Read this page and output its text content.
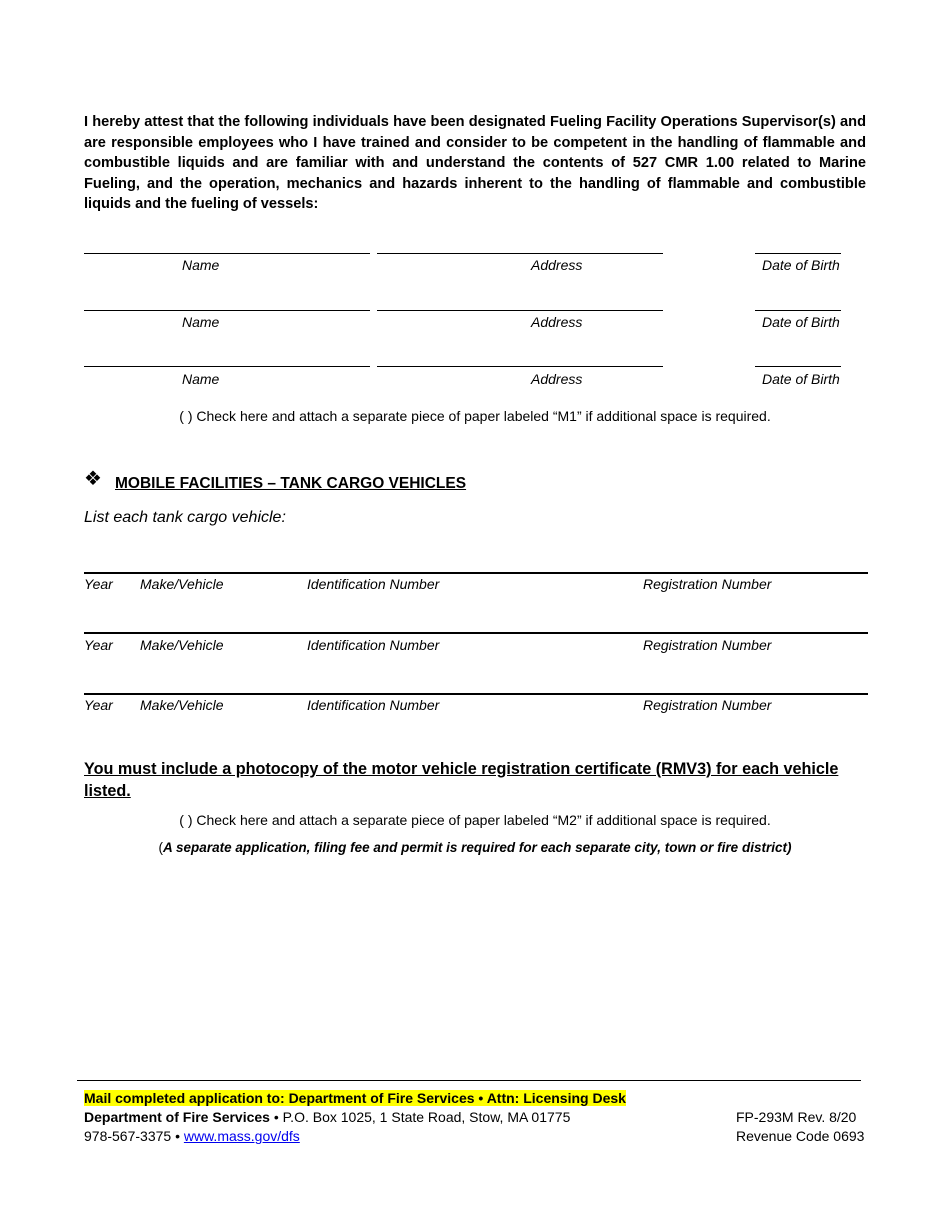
I hereby attest that the following individuals have been designated Fueling Facility Operations Supervisor(s) and are responsible employees who I have trained and consider to be competent in the handling of flammable and combustible liquids and are familiar with and understand the contents of 527 CMR 1.00 related to Marine Fueling, and the operation, mechanics and hazards inherent to the handling of flammable and combustible liquids and the fueling of vessels:
Name	Address	Date of Birth
Name	Address	Date of Birth
Name	Address	Date of Birth
( ) Check here and attach a separate piece of paper labeled “M1” if additional space is required.
❖ MOBILE FACILITIES – TANK CARGO VEHICLES
List each tank cargo vehicle:
Year Make/Vehicle	Identification Number	Registration Number
Year Make/Vehicle	Identification Number	Registration Number
Year Make/Vehicle	Identification Number	Registration Number
You must include a photocopy of the motor vehicle registration certificate (RMV3) for each vehicle listed.
( ) Check here and attach a separate piece of paper labeled “M2” if additional space is required.
(A separate application, filing fee and permit is required for each separate city, town or fire district)
Mail completed application to: Department of Fire Services • Attn: Licensing Desk
Department of Fire Services • P.O. Box 1025, 1 State Road, Stow, MA 01775
978-567-3375 • www.mass.gov/dfs
FP-293M Rev. 8/20
Revenue Code 0693
